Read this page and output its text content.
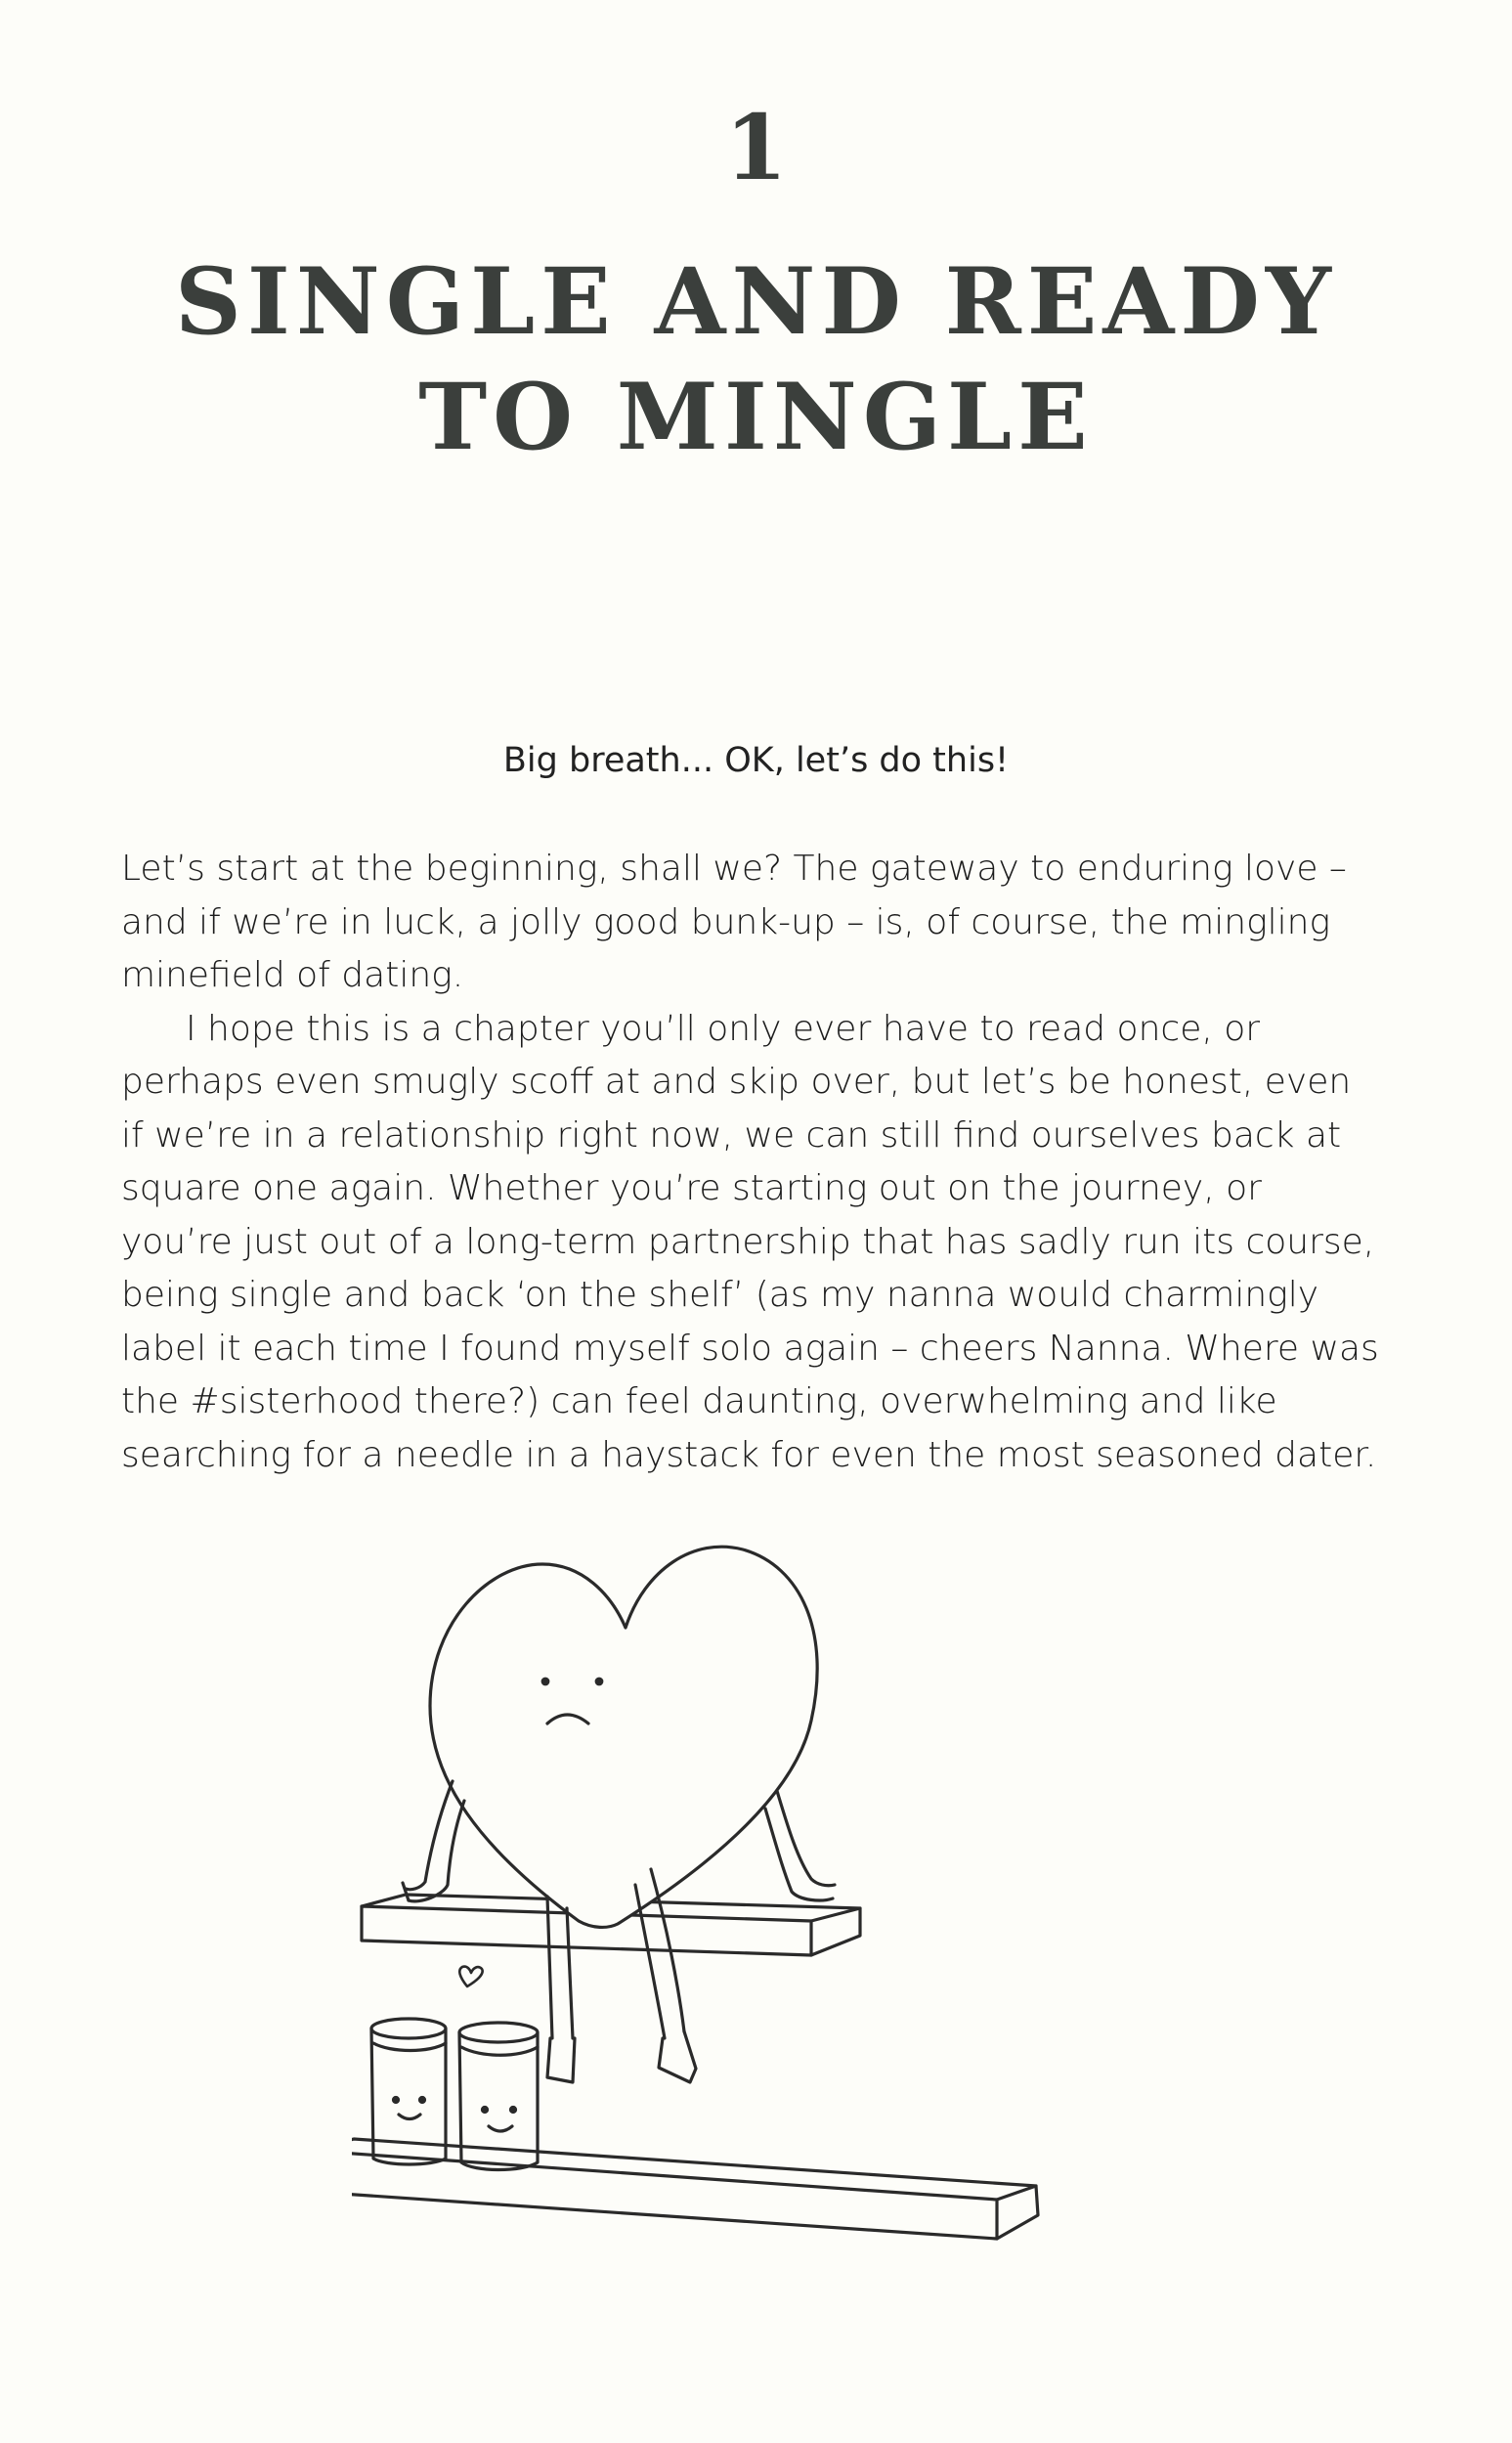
1
SINGLE AND READY
TO MINGLE
Big breath... OK, let’s do this!

Let’s start at the beginning, shall we? The gateway to enduring love – and if we’re in luck, a jolly good bunk-up – is, of course, the mingling minefield of dating.

I hope this is a chapter you’ll only ever have to read once, or perhaps even smugly scoff at and skip over, but let’s be honest, even if we’re in a relationship right now, we can still find ourselves back at square one again. Whether you’re starting out on the journey, or you’re just out of a long-term partnership that has sadly run its course, being single and back ‘on the shelf’ (as my nanna would charmingly label it each time I found myself solo again – cheers Nanna. Where was the #sisterhood there?) can feel daunting, overwhelming and like searching for a needle in a haystack for even the most seasoned dater.
